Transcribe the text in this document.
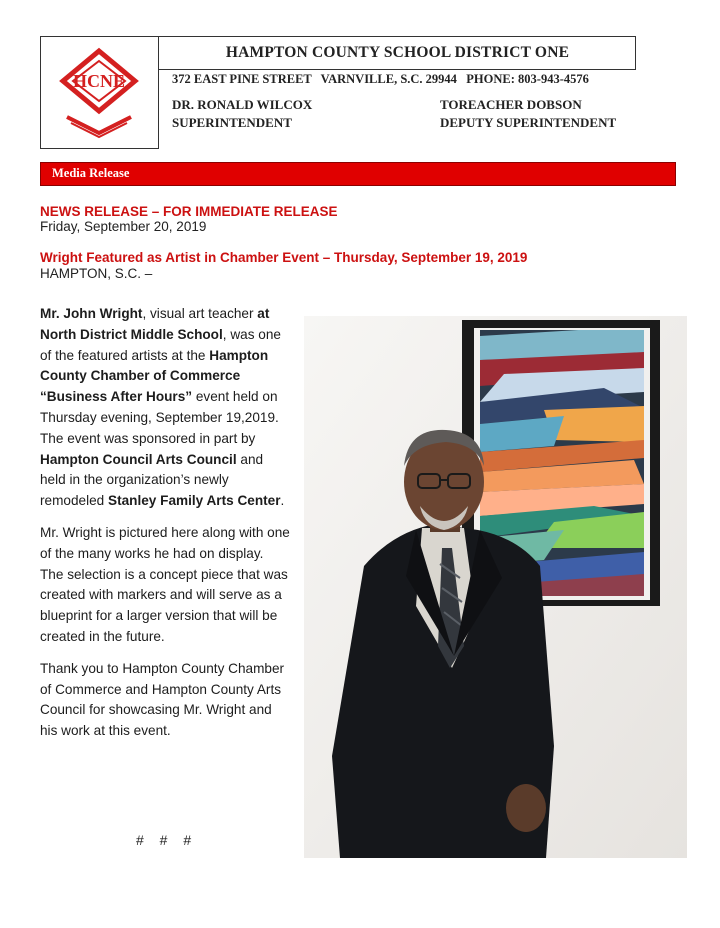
HCNE
HAMPTON COUNTY SCHOOL DISTRICT ONE
372 EAST PINE STREET   VARNVILLE, S.C. 29944   PHONE: 803-943-4576
DR. RONALD WILCOX
SUPERINTENDENT
TOREACHER DOBSON
DEPUTY SUPERINTENDENT
Media Release
NEWS RELEASE – FOR IMMEDIATE RELEASE
Friday, September 20, 2019
Wright Featured as Artist in Chamber Event – Thursday, September 19, 2019
HAMPTON, S.C. –

Mr. John Wright, visual art teacher at North District Middle School, was one of the featured artists at the Hampton County Chamber of Commerce “Business After Hours” event held on Thursday evening, September 19,2019. The event was sponsored in part by Hampton Council Arts Council and held in the organization’s newly remodeled Stanley Family Arts Center.

Mr. Wright is pictured here along with one of the many works he had on display. The selection is a concept piece that was created with markers and will serve as a blueprint for a larger version that will be created in the future.

Thank you to Hampton County Chamber of Commerce and Hampton County Arts Council for showcasing Mr. Wright and his work at this event.

# # #
